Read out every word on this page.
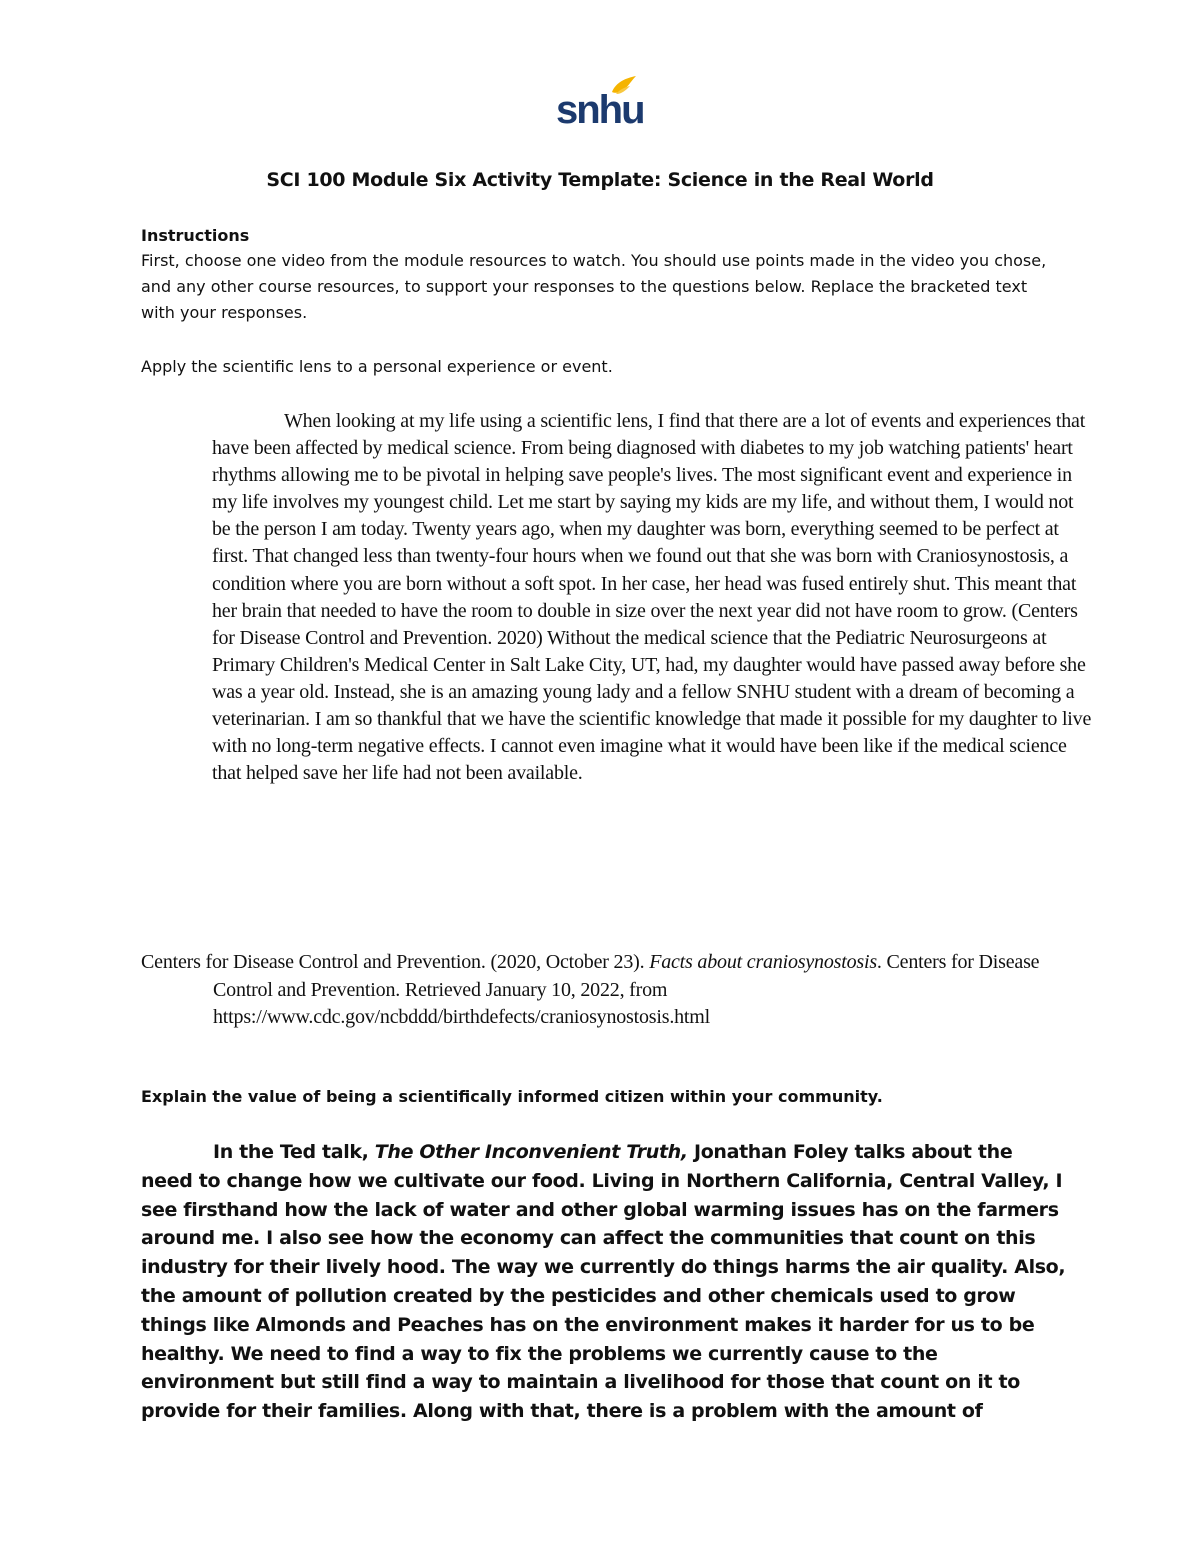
snhu
SCI 100 Module Six Activity Template: Science in the Real World
Instructions
First, choose one video from the module resources to watch. You should use points made in the video you chose, and any other course resources, to support your responses to the questions below. Replace the bracketed text with your responses.
Apply the scientific lens to a personal experience or event.
When looking at my life using a scientific lens, I find that there are a lot of events and experiences that have been affected by medical science. From being diagnosed with diabetes to my job watching patients' heart rhythms allowing me to be pivotal in helping save people's lives. The most significant event and experience in my life involves my youngest child. Let me start by saying my kids are my life, and without them, I would not be the person I am today. Twenty years ago, when my daughter was born, everything seemed to be perfect at first. That changed less than twenty-four hours when we found out that she was born with Craniosynostosis, a condition where you are born without a soft spot. In her case, her head was fused entirely shut. This meant that her brain that needed to have the room to double in size over the next year did not have room to grow. (Centers for Disease Control and Prevention. 2020) Without the medical science that the Pediatric Neurosurgeons at Primary Children's Medical Center in Salt Lake City, UT, had, my daughter would have passed away before she was a year old. Instead, she is an amazing young lady and a fellow SNHU student with a dream of becoming a veterinarian. I am so thankful that we have the scientific knowledge that made it possible for my daughter to live with no long-term negative effects. I cannot even imagine what it would have been like if the medical science that helped save her life had not been available.
Centers for Disease Control and Prevention. (2020, October 23). Facts about craniosynostosis. Centers for Disease Control and Prevention. Retrieved January 10, 2022, from https://www.cdc.gov/ncbddd/birthdefects/craniosynostosis.html
Explain the value of being a scientifically informed citizen within your community.
In the Ted talk, The Other Inconvenient Truth, Jonathan Foley talks about the need to change how we cultivate our food. Living in Northern California, Central Valley, I see firsthand how the lack of water and other global warming issues has on the farmers around me. I also see how the economy can affect the communities that count on this industry for their lively hood. The way we currently do things harms the air quality. Also, the amount of pollution created by the pesticides and other chemicals used to grow things like Almonds and Peaches has on the environment makes it harder for us to be healthy. We need to find a way to fix the problems we currently cause to the environment but still find a way to maintain a livelihood for those that count on it to provide for their families. Along with that, there is a problem with the amount of
